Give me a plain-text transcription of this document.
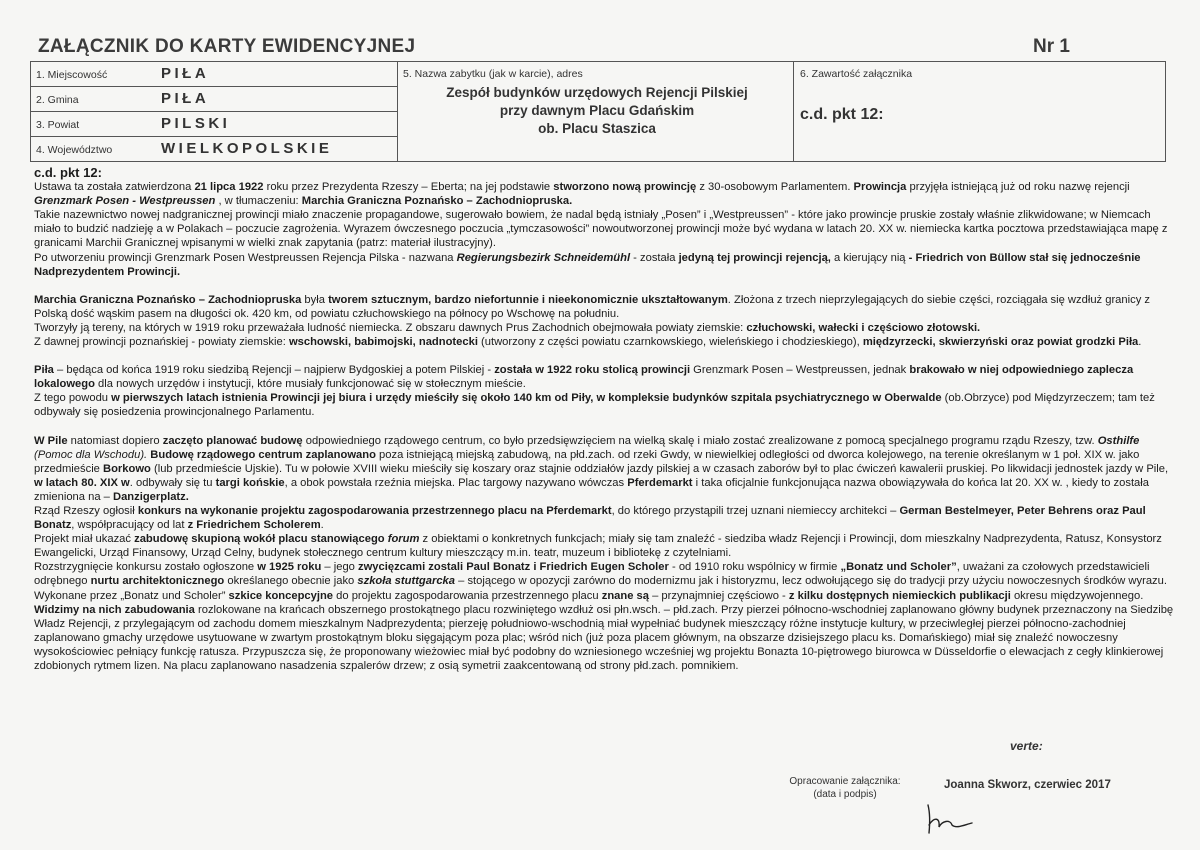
ZAŁĄCZNIK DO KARTY EWIDENCYJNEJ	Nr 1
1. Miejscowość	PIŁA
2. Gmina	PIŁA
3. Powiat	PILSKI
4. Województwo	WIELKOPOLSKIE
5. Nazwa zabytku (jak w karcie), adres
Zespół budynków urzędowych Rejencji Pilskiej
przy dawnym Placu Gdańskim
ob. Placu Staszica
6. Zawartość załącznika
c.d. pkt 12:

c.d. pkt 12:

Ustawa ta została zatwierdzona 21 lipca 1922 roku przez Prezydenta Rzeszy – Eberta; na jej podstawie stworzono nową prowincję z 30-osobowym Parlamentem. Prowincja przyjęła istniejącą już od roku nazwę rejencji Grenzmark Posen - Westpreussen , w tłumaczeniu: Marchia Graniczna Poznańsko – Zachodniopruska.

Takie nazewnictwo nowej nadgranicznej prowincji miało znaczenie propagandowe, sugerowało bowiem, że nadal będą istniały „Posen” i „Westpreussen” - które jako prowincje pruskie zostały właśnie zlikwidowane; w Niemcach miało to budzić nadzieję a w Polakach – poczucie zagrożenia. Wyrazem ówczesnego poczucia „tymczasowości” nowoutworzonej prowincji może być wydana w latach 20. XX w. niemiecka kartka pocztowa przedstawiająca mapę z granicami Marchii Granicznej wpisanymi w wielki znak zapytania (patrz: materiał ilustracyjny).

Po utworzeniu prowincji Grenzmark Posen Westpreussen Rejencja Pilska - nazwana Regierungsbezirk Schneidemühl - została jedyną tej prowincji rejencją, a kierujący nią - Friedrich von Büllow stał się jednocześnie Nadprezydentem Prowincji.

Marchia Graniczna Poznańsko – Zachodniopruska była tworem sztucznym, bardzo niefortunnie i nieekonomicznie ukształtowanym. Złożona z trzech nieprzylegających do siebie części, rozciągała się wzdłuż granicy z Polską dość wąskim pasem na długości ok. 420 km, od powiatu człuchowskiego na północy po Wschowę na południu.

Tworzyły ją tereny, na których w 1919 roku przeważała ludność niemiecka. Z obszaru dawnych Prus Zachodnich obejmowała powiaty ziemskie: człuchowski, wałecki i częściowo złotowski.

Z dawnej prowincji poznańskiej - powiaty ziemskie: wschowski, babimojski, nadnotecki (utworzony z części powiatu czarnkowskiego, wieleńskiego i chodzieskiego), międzyrzecki, skwierzyński oraz powiat grodzki Piła.

Piła – będąca od końca 1919 roku siedzibą Rejencji – najpierw Bydgoskiej a potem Pilskiej - została w 1922 roku stolicą prowincji Grenzmark Posen – Westpreussen, jednak brakowało w niej odpowiedniego zaplecza lokalowego dla nowych urzędów i instytucji, które musiały funkcjonować się w stołecznym mieście.

Z tego powodu w pierwszych latach istnienia Prowincji jej biura i urzędy mieściły się około 140 km od Piły, w kompleksie budynków szpitala psychiatrycznego w Oberwalde (ob.Obrzyce) pod Międzyrzeczem; tam też odbywały się posiedzenia prowincjonalnego Parlamentu.

W Pile natomiast dopiero zaczęto planować budowę odpowiedniego rządowego centrum, co było przedsięwzięciem na wielką skalę i miało zostać zrealizowane z pomocą specjalnego programu rządu Rzeszy, tzw. Osthilfe (Pomoc dla Wschodu). Budowę rządowego centrum zaplanowano poza istniejącą miejską zabudową, na płd.zach. od rzeki Gwdy, w niewielkiej odległości od dworca kolejowego, na terenie określanym w 1 poł. XIX w. jako przedmieście Borkowo (lub przedmieście Ujskie). Tu w połowie XVIII wieku mieściły się koszary oraz stajnie oddziałów jazdy pilskiej a w czasach zaborów był to plac ćwiczeń kawalerii pruskiej. Po likwidacji jednostek jazdy w Pile, w latach 80. XIX w. odbywały się tu targi końskie, a obok powstała rzeźnia miejska. Plac targowy nazywano wówczas Pferdemarkt i taka oficjalnie funkcjonująca nazwa obowiązywała do końca lat 20. XX w. , kiedy to została zmieniona na – Danzigerplatz.

Rząd Rzeszy ogłosił konkurs na wykonanie projektu zagospodarowania przestrzennego placu na Pferdemarkt, do którego przystąpili trzej uznani niemieccy architekci – German Bestelmeyer, Peter Behrens oraz Paul Bonatz, współpracujący od lat z Friedrichem Scholerem.

Projekt miał ukazać zabudowę skupioną wokół placu stanowiącego forum z obiektami o konkretnych funkcjach; miały się tam znaleźć - siedziba władz Rejencji i Prowincji, dom mieszkalny Nadprezydenta, Ratusz, Konsystorz Ewangelicki, Urząd Finansowy, Urząd Celny, budynek stołecznego centrum kultury mieszczący m.in. teatr, muzeum i bibliotekę z czytelniami.

Rozstrzygnięcie konkursu zostało ogłoszone w 1925 roku – jego zwycięzcami zostali Paul Bonatz i Friedrich Eugen Scholer - od 1910 roku wspólnicy w firmie „Bonatz und Scholer”, uważani za czołowych przedstawicieli odrębnego nurtu architektonicznego określanego obecnie jako szkoła stuttgarcka – stojącego w opozycji zarówno do modernizmu jak i historyzmu, lecz odwołującego się do tradycji przy użyciu nowoczesnych środków wyrazu. Wykonane przez „Bonatz und Scholer” szkice koncepcyjne do projektu zagospodarowania przestrzennego placu znane są – przynajmniej częściowo - z kilku dostępnych niemieckich publikacji okresu międzywojennego. Widzimy na nich zabudowania rozlokowane na krańcach obszernego prostokątnego placu rozwiniętego wzdłuż osi płn.wsch. – płd.zach. Przy pierzei północno-wschodniej zaplanowano główny budynek przeznaczony na Siedzibę Władz Rejencji, z przylegającym od zachodu domem mieszkalnym Nadprezydenta; pierzeję południowo-wschodnią miał wypełniać budynek mieszczący różne instytucje kultury, w przeciwległej pierzei północno-zachodniej zaplanowano gmachy urzędowe usytuowane w zwartym prostokątnym bloku sięgającym poza plac; wśród nich (już poza placem głównym, na obszarze dzisiejszego placu ks. Domańskiego) miał się znaleźć nowoczesny wysokościowiec pełniący funkcję ratusza. Przypuszcza się, że proponowany wieżowiec miał być podobny do wzniesionego wcześniej wg projektu Bonazta 10-piętrowego biurowca w Düsseldorfie o elewacjach z cegły klinkierowej zdobionych rytmem lizen. Na placu zaplanowano nasadzenia szpalerów drzew; z osią symetrii zaakcentowaną od strony płd.zach. pomnikiem.

verte:
Opracowanie załącznika:
(data i podpis)
Joanna Skworz, czerwiec 2017
